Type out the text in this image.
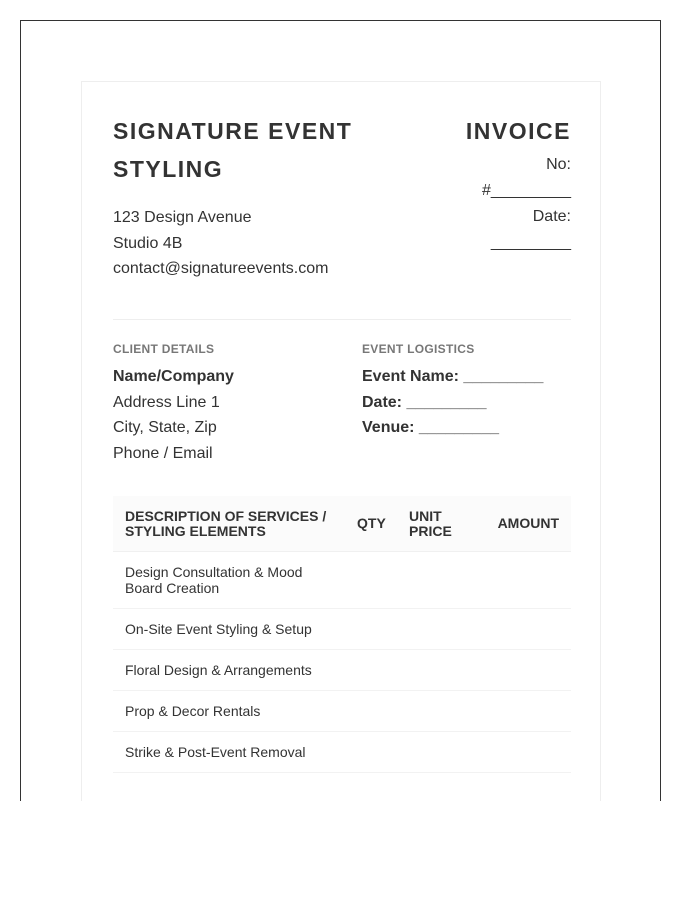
SIGNATURE EVENT
STYLING
123 Design Avenue
Studio 4B
contact@signatureevents.com
INVOICE
No:
#_________
Date:
_________
CLIENT DETAILS
Name/Company
Address Line 1
City, State, Zip
Phone / Email
EVENT LOGISTICS
Event Name: _________
Date: _________
Venue: _________
DESCRIPTION OF SERVICES / STYLING ELEMENTS	QTY	UNIT PRICE	AMOUNT
Design Consultation & Mood Board Creation			
On-Site Event Styling & Setup			
Floral Design & Arrangements			
Prop & Decor Rentals			
Strike & Post-Event Removal			
